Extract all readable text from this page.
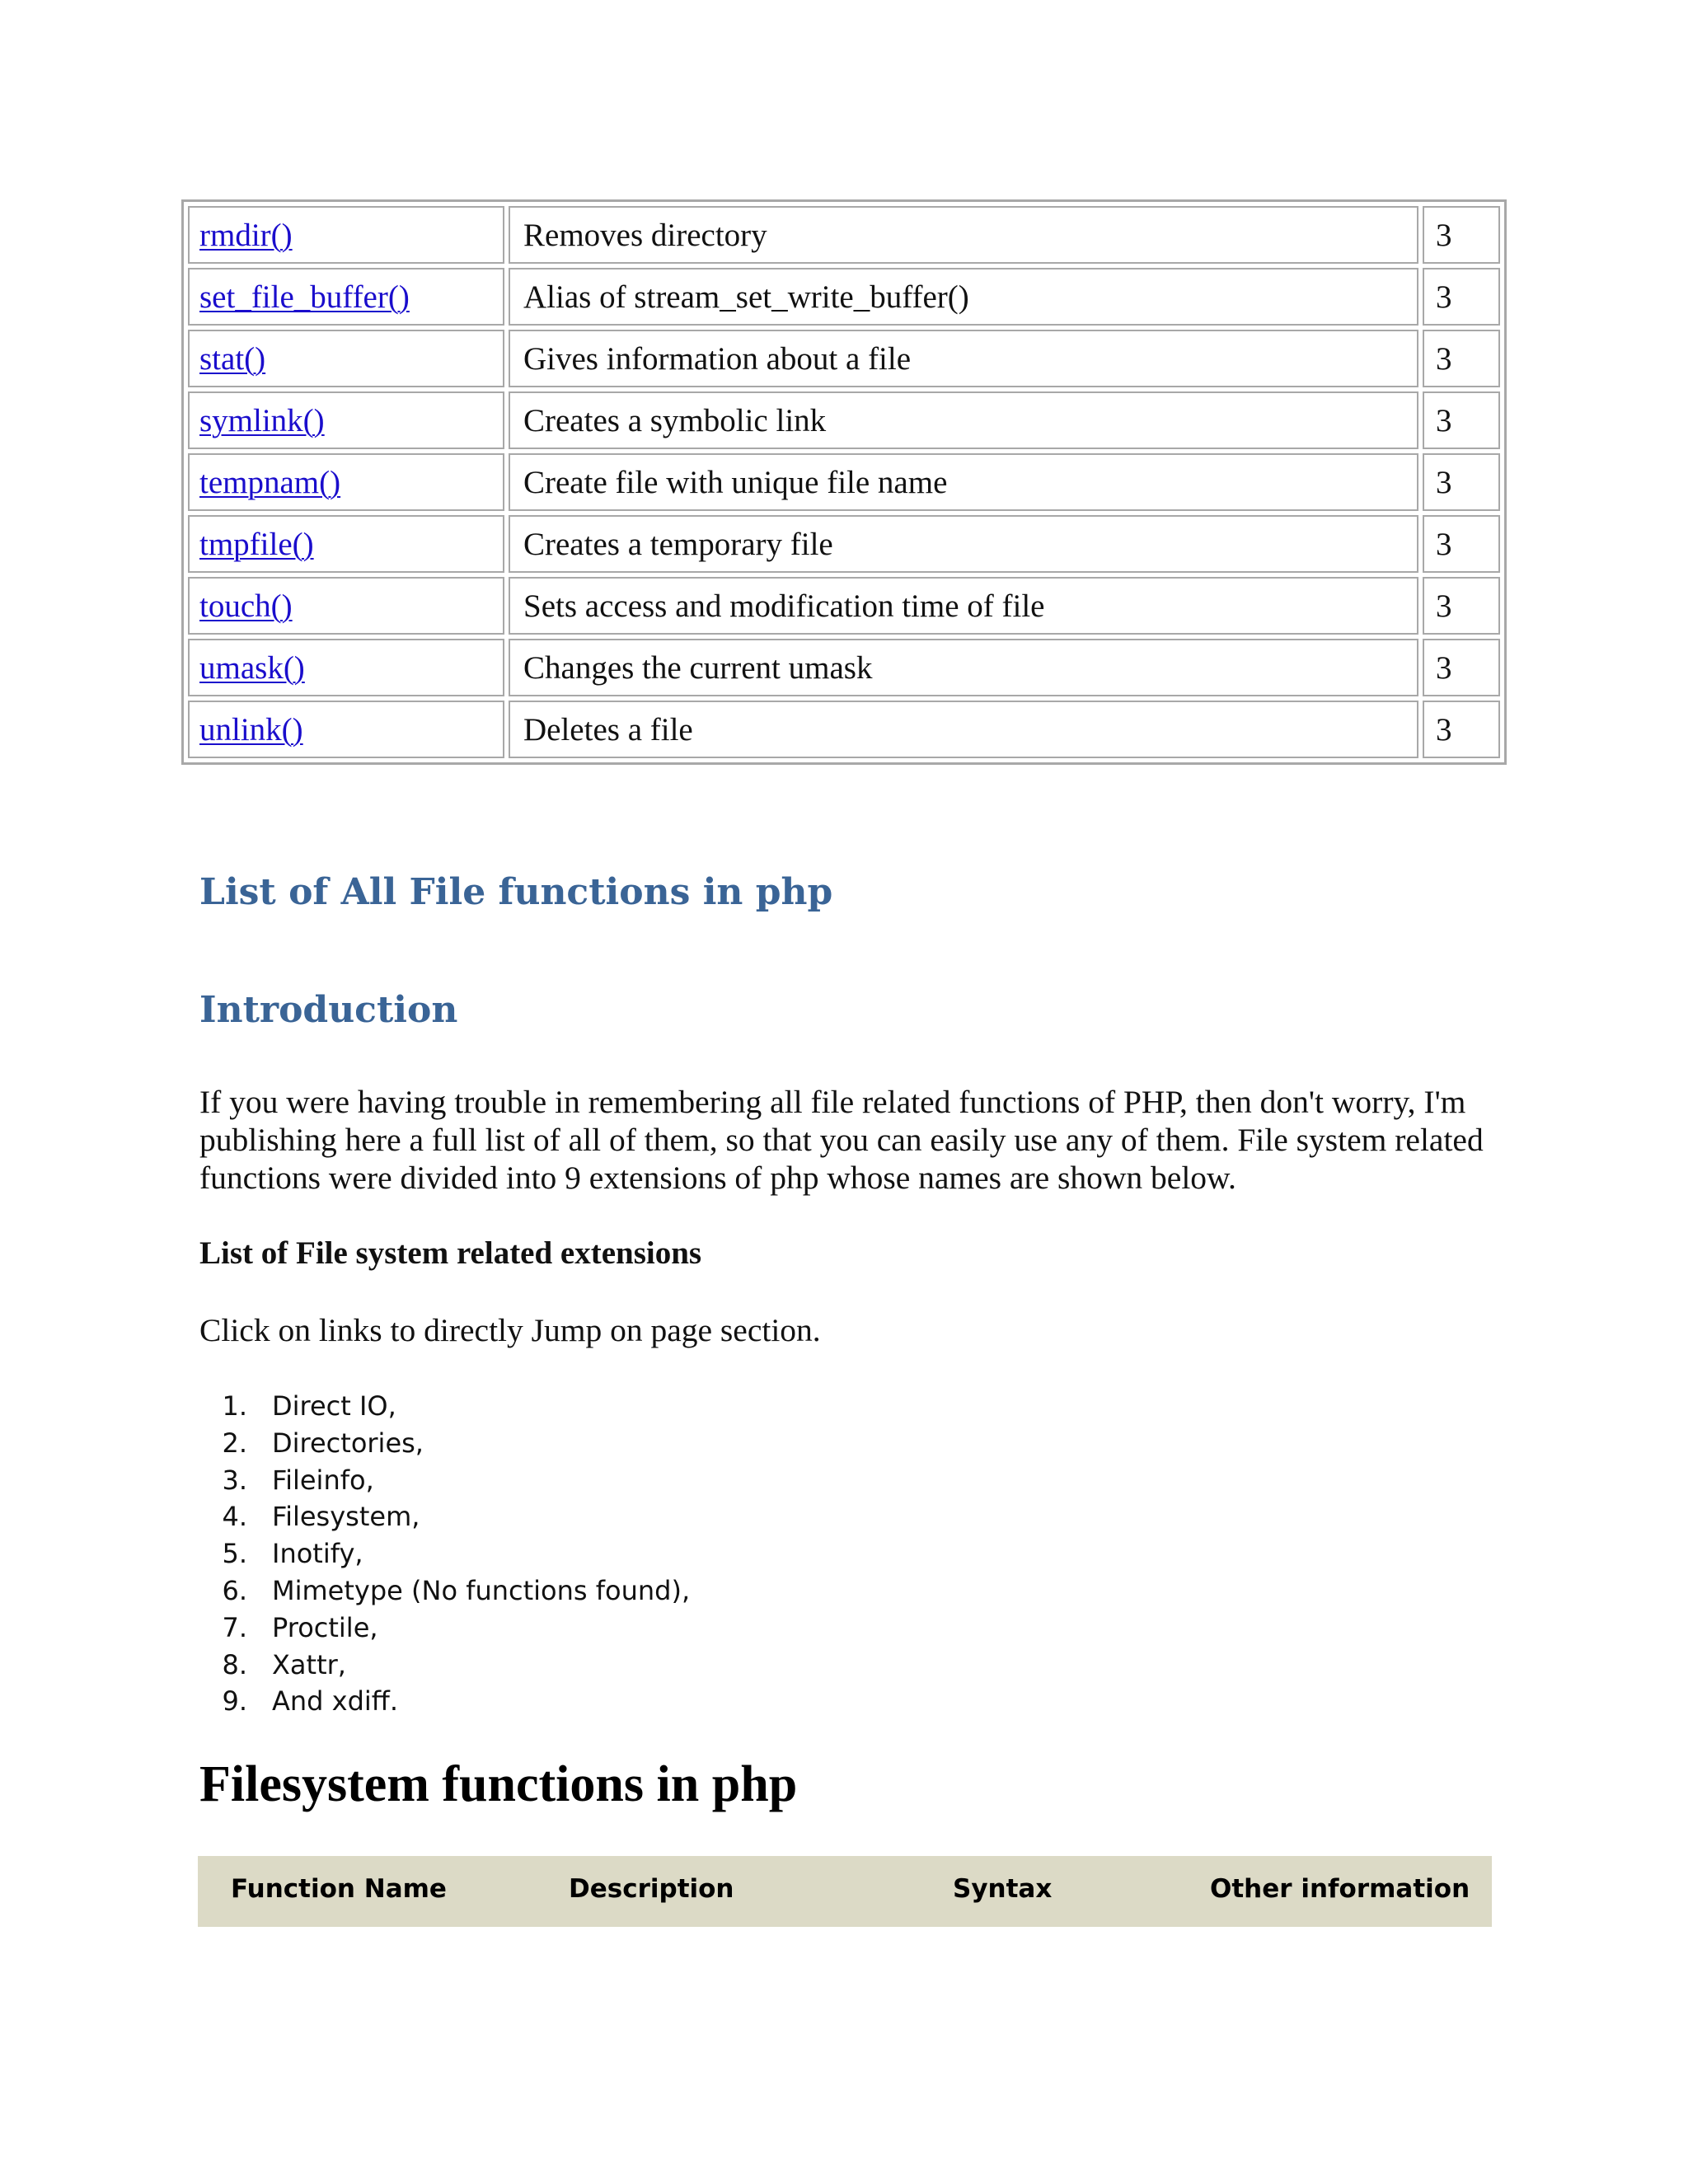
rmdir()	Removes directory	3
set_file_buffer()	Alias of stream_set_write_buffer()	3
stat()	Gives information about a file	3
symlink()	Creates a symbolic link	3
tempnam()	Create file with unique file name	3
tmpfile()	Creates a temporary file	3
touch()	Sets access and modification time of file	3
umask()	Changes the current umask	3
unlink()	Deletes a file	3
List of All File functions in php
Introduction

If you were having trouble in remembering all file related functions of PHP, then don't worry, I'm publishing here a full list of all of them, so that you can easily use any of them. File system related functions were divided into 9 extensions of php whose names are shown below.

List of File system related extensions

Click on links to directly Jump on page section.

1. Direct IO,
2. Directories,
3. Fileinfo,
4. Filesystem,
5. Inotify,
6. Mimetype (No functions found),
7. Proctile,
8. Xattr,
9. And xdiff.
Filesystem functions in php
Function Name	Description	Syntax	Other information
